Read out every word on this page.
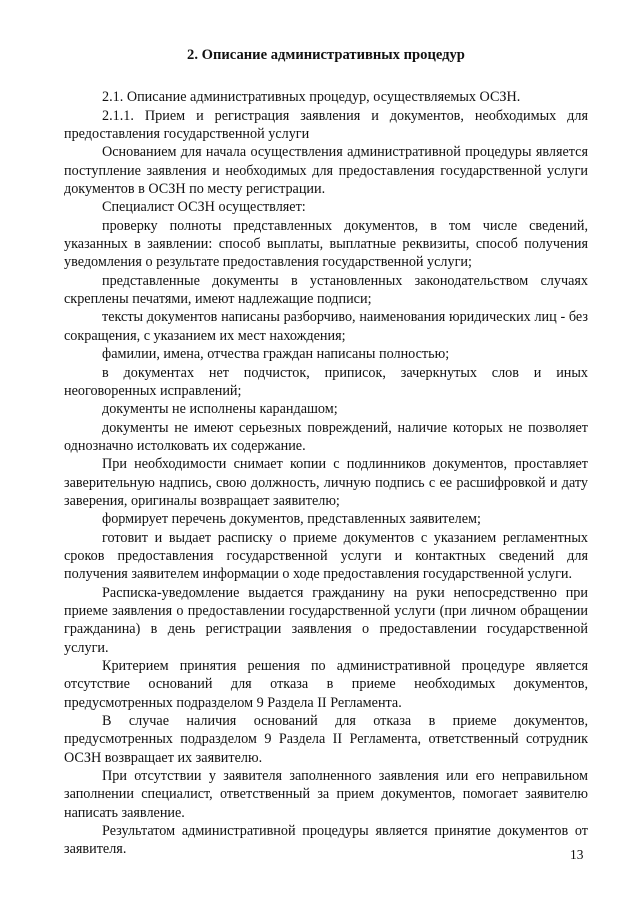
2. Описание административных процедур

2.1. Описание административных процедур, осуществляемых ОСЗН.

2.1.1. Прием и регистрация заявления и документов, необходимых для предоставления государственной услуги

Основанием для начала осуществления административной процедуры является поступление заявления и необходимых для предоставления государственной услуги документов в ОСЗН по месту регистрации.

Специалист ОСЗН осуществляет:

проверку полноты представленных документов, в том числе сведений, указанных в заявлении: способ выплаты, выплатные реквизиты, способ получения уведомления о результате предоставления государственной услуги;

представленные документы в установленных законодательством случаях скреплены печатями, имеют надлежащие подписи;

тексты документов написаны разборчиво, наименования юридических лиц - без сокращения, с указанием их мест нахождения;

фамилии, имена, отчества граждан написаны полностью;

в документах нет подчисток, приписок, зачеркнутых слов и иных неоговоренных исправлений;

документы не исполнены карандашом;

документы не имеют серьезных повреждений, наличие которых не позволяет однозначно истолковать их содержание.

При необходимости снимает копии с подлинников документов, проставляет заверительную надпись, свою должность, личную подпись с ее расшифровкой и дату заверения, оригиналы возвращает заявителю;

формирует перечень документов, представленных заявителем;

готовит и выдает расписку о приеме документов с указанием регламентных сроков предоставления государственной услуги и контактных сведений для получения заявителем информации о ходе предоставления государственной услуги.

Расписка-уведомление выдается гражданину на руки непосредственно при приеме заявления о предоставлении государственной услуги (при личном обращении гражданина) в день регистрации заявления о предоставлении государственной услуги.

Критерием принятия решения по административной процедуре является отсутствие оснований для отказа в приеме необходимых документов, предусмотренных подразделом 9 Раздела II Регламента.

В случае наличия оснований для отказа в приеме документов, предусмотренных подразделом 9 Раздела II Регламента, ответственный сотрудник ОСЗН возвращает их заявителю.

При отсутствии у заявителя заполненного заявления или его неправильном заполнении специалист, ответственный за прием документов, помогает заявителю написать заявление.

Результатом административной процедуры является принятие документов от заявителя.	13
